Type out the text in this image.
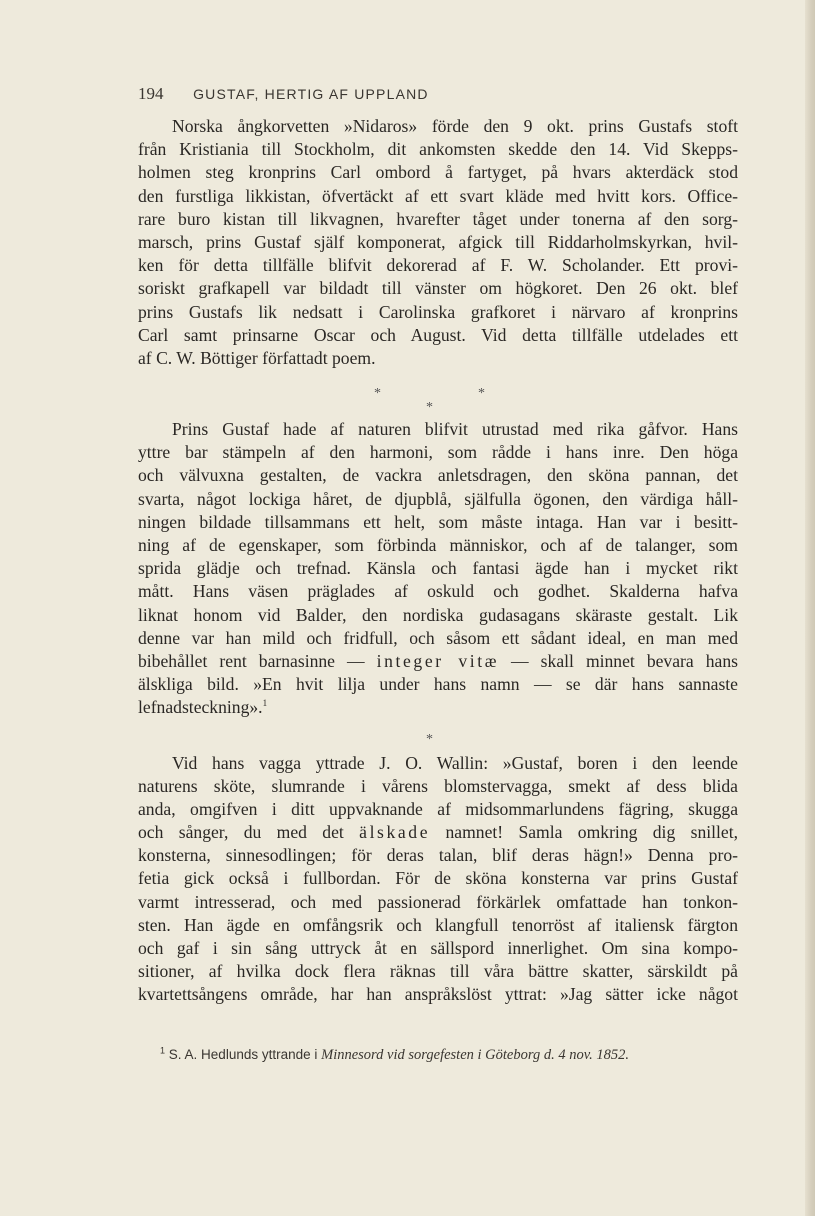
194 GUSTAF, HERTIG AF UPPLAND
Norska ångkorvetten »Nidaros» förde den 9 okt. prins Gustafs stoft
från Kristiania till Stockholm, dit ankomsten skedde den 14. Vid Skepps-
holmen steg kronprins Carl ombord å fartyget, på hvars akterdäck stod
den furstliga likkistan, öfvertäckt af ett svart kläde med hvitt kors. Office-
rare buro kistan till likvagnen, hvarefter tåget under tonerna af den sorg-
marsch, prins Gustaf själf komponerat, afgick till Riddarholmskyrkan, hvil-
ken för detta tillfälle blifvit dekorerad af F. W. Scholander. Ett provi-
soriskt grafkapell var bildadt till vänster om högkoret. Den 26 okt. blef
prins Gustafs lik nedsatt i Carolinska grafkoret i närvaro af kronprins
Carl samt prinsarne Oscar och August. Vid detta tillfälle utdelades ett
af C. W. Böttiger författadt poem.
*	*
*
Prins Gustaf hade af naturen blifvit utrustad med rika gåfvor. Hans
yttre bar stämpeln af den harmoni, som rådde i hans inre. Den höga
och välvuxna gestalten, de vackra anletsdragen, den sköna pannan, det
svarta, något lockiga håret, de djupblå, själfulla ögonen, den värdiga håll-
ningen bildade tillsammans ett helt, som måste intaga. Han var i besitt-
ning af de egenskaper, som förbinda människor, och af de talanger, som
sprida glädje och trefnad. Känsla och fantasi ägde han i mycket rikt
mått. Hans väsen präglades af oskuld och godhet. Skalderna hafva
liknat honom vid Balder, den nordiska gudasagans skäraste gestalt. Lik
denne var han mild och fridfull, och såsom ett sådant ideal, en man med
bibehållet rent barnasinne — integer vitæ — skall minnet bevara hans
älskliga bild. »En hvit lilja under hans namn — se där hans sannaste
lefnadsteckning».$^1$
*
Vid hans vagga yttrade J. O. Wallin: »Gustaf, boren i den leende
naturens sköte, slumrande i vårens blomstervagga, smekt af dess blida
anda, omgifven i ditt uppvaknande af midsommarlundens fägring, skugga
och sånger, du med det älskade namnet! Samla omkring dig snillet,
konsterna, sinnesodlingen; för deras talan, blif deras hägn!» Denna pro-
fetia gick också i fullbordan. För de sköna konsterna var prins Gustaf
varmt intresserad, och med passionerad förkärlek omfattade han tonkon-
sten. Han ägde en omfångsrik och klangfull tenorröst af italiensk färgton
och gaf i sin sång uttryck åt en sällspord innerlighet. Om sina kompo-
sitioner, af hvilka dock flera räknas till våra bättre skatter, särskildt på
kvartettsångens område, har han anspråkslöst yttrat: »Jag sätter icke något
$^1$ S. A. Hedlunds yttrande i Minnesord vid sorgefesten i Göteborg d. 4 nov. 1852.
